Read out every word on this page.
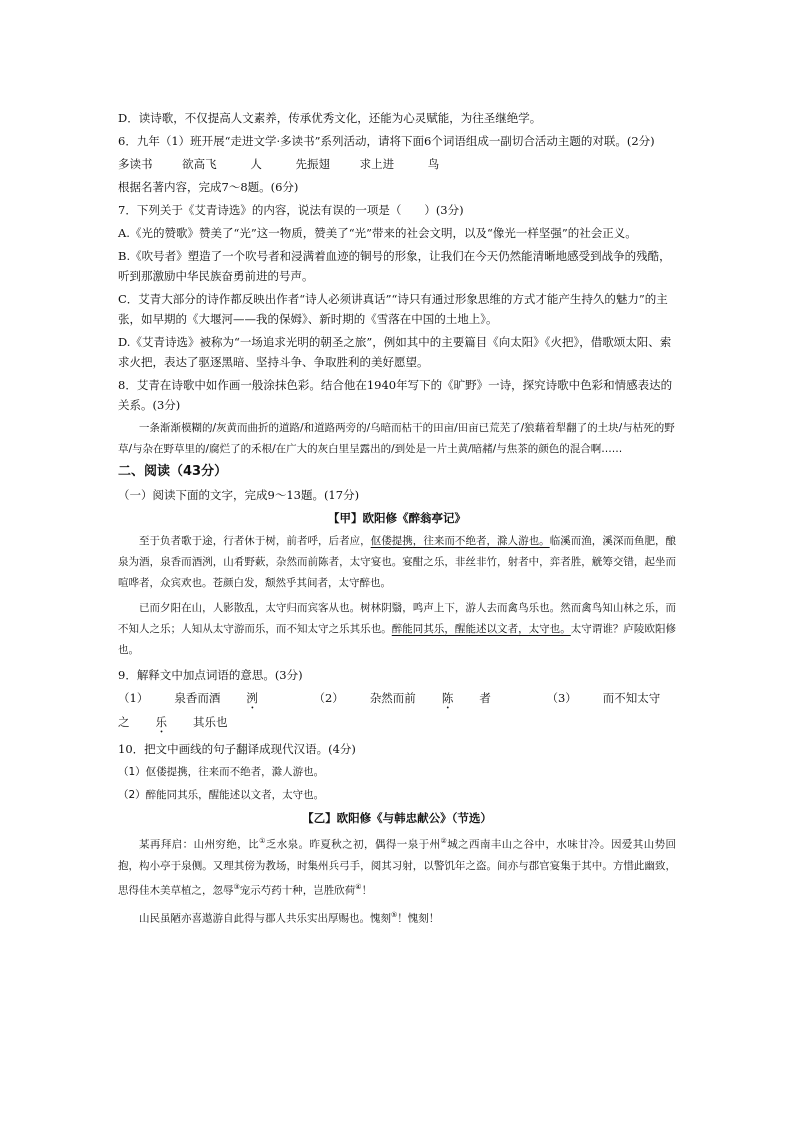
D．读诗歌，不仅提高人文素养，传承优秀文化，还能为心灵赋能，为往圣继绝学。

6．九年（1）班开展“走进文学·多读书”系列活动，请将下面6个词语组成一副切合活动主题的对联。(2分)

多读书	欲高飞	人	先振翅	求上进	鸟

根据名著内容，完成7～8题。(6分)

7．下列关于《艾青诗选》的内容，说法有误的一项是（　　）(3分)

A.《光的赞歌》赞美了“光”这一物质，赞美了“光”带来的社会文明，以及“像光一样坚强”的社会正义。

B.《吹号者》塑造了一个吹号者和浸满着血迹的铜号的形象，让我们在今天仍然能清晰地感受到战争的残酷，听到那激励中华民族奋勇前进的号声。

C．艾青大部分的诗作都反映出作者“诗人必须讲真话”“诗只有通过形象思维的方式才能产生持久的魅力”的主张，如早期的《大堰河——我的保姆》、新时期的《雪落在中国的土地上》。

D.《艾青诗选》被称为“一场追求光明的朝圣之旅”，例如其中的主要篇目《向太阳》《火把》，借歌颂太阳、索求火把，表达了驱逐黑暗、坚持斗争、争取胜利的美好愿望。

8．艾青在诗歌中如作画一般涂抹色彩。结合他在1940年写下的《旷野》一诗，探究诗歌中色彩和情感表达的关系。(3分)

一条渐渐模糊的/灰黄而曲折的道路/和道路两旁的/乌暗而枯干的田亩/田亩已荒芜了/狼藉着犁翻了的土块/与枯死的野草/与杂在野草里的/腐烂了的禾根/在广大的灰白里呈露出的/到处是一片土黄/暗赭/与焦茶的颜色的混合啊……

二、阅读（43分）

（一）阅读下面的文字，完成9～13题。(17分)

【甲】欧阳修《醉翁亭记》

至于负者歌于途，行者休于树，前者呼，后者应，伛偻提携，往来而不绝者，滁人游也。临溪而渔，溪深而鱼肥，酿泉为酒，泉香而酒洌，山肴野蔌，杂然而前陈者，太守宴也。宴酣之乐，非丝非竹，射者中，弈者胜，觥筹交错，起坐而喧哗者，众宾欢也。苍颜白发，颓然乎其间者，太守醉也。

已而夕阳在山，人影散乱，太守归而宾客从也。树林阴翳，鸣声上下，游人去而禽鸟乐也。然而禽鸟知山林之乐，而不知人之乐；人知从太守游而乐，而不知太守之乐其乐也。醉能同其乐，醒能述以文者，太守也。太守谓谁？庐陵欧阳修也。

9．解释文中加点词语的意思。(3分)

（1） 泉香而酒 洌	（2） 杂然而前 陈 者	（3） 而不知太守之 乐 其乐也

10．把文中画线的句子翻译成现代汉语。(4分)

（1）伛偻提携，往来而不绝者，滁人游也。

（2）醉能同其乐，醒能述以文者，太守也。

【乙】欧阳修《与韩忠献公》（节选）

某再拜启：山州穷绝，比①乏水泉。昨夏秋之初，偶得一泉于州②城之西南丰山之谷中，水味甘冷。因爱其山势回抱，构小亭于泉侧。又理其傍为教场，时集州兵弓手，阅其习射，以警饥年之盗。间亦与郡官宴集于其中。方惜此幽致，思得佳木美草植之，忽辱③宠示芍药十种，岂胜欣荷④！

山民虽陋亦喜遨游自此得与郡人共乐实出厚赐也。愧刻⑤！愧刻！
